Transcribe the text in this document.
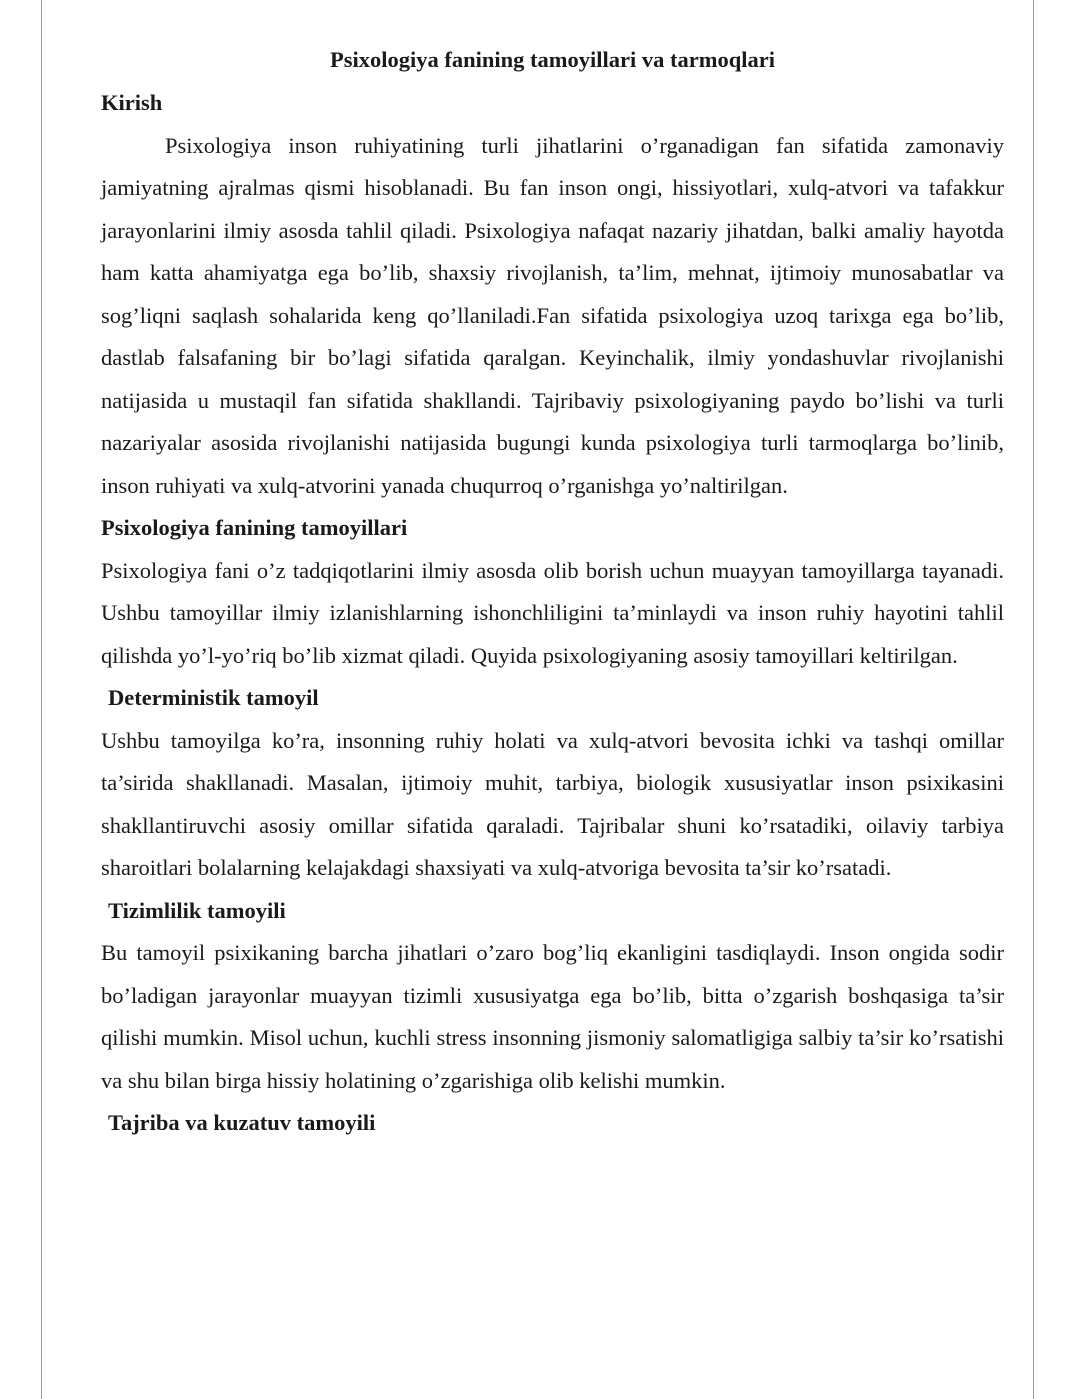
Psixologiya fanining tamoyillari va tarmoqlari
Kirish

Psixologiya inson ruhiyatining turli jihatlarini o’rganadigan fan sifatida zamonaviy jamiyatning ajralmas qismi hisoblanadi. Bu fan inson ongi, hissiyotlari, xulq-atvori va tafakkur jarayonlarini ilmiy asosda tahlil qiladi. Psixologiya nafaqat nazariy jihatdan, balki amaliy hayotda ham katta ahamiyatga ega bo’lib, shaxsiy rivojlanish, ta’lim, mehnat, ijtimoiy munosabatlar va sog’liqni saqlash sohalarida keng qo’llaniladi.Fan sifatida psixologiya uzoq tarixga ega bo’lib, dastlab falsafaning bir bo’lagi sifatida qaralgan. Keyinchalik, ilmiy yondashuvlar rivojlanishi natijasida u mustaqil fan sifatida shakllandi. Tajribaviy psixologiyaning paydo bo’lishi va turli nazariyalar asosida rivojlanishi natijasida bugungi kunda psixologiya turli tarmoqlarga bo’linib, inson ruhiyati va xulq-atvorini yanada chuqurroq o’rganishga yo’naltirilgan.

Psixologiya fanining tamoyillari

Psixologiya fani o’z tadqiqotlarini ilmiy asosda olib borish uchun muayyan tamoyillarga tayanadi. Ushbu tamoyillar ilmiy izlanishlarning ishonchliligini ta’minlaydi va inson ruhiy hayotini tahlil qilishda yo’l-yo’riq bo’lib xizmat qiladi. Quyida psixologiyaning asosiy tamoyillari keltirilgan.

Deterministik tamoyil

Ushbu tamoyilga ko’ra, insonning ruhiy holati va xulq-atvori bevosita ichki va tashqi omillar ta’sirida shakllanadi. Masalan, ijtimoiy muhit, tarbiya, biologik xususiyatlar inson psixikasini shakllantiruvchi asosiy omillar sifatida qaraladi. Tajribalar shuni ko’rsatadiki, oilaviy tarbiya sharoitlari bolalarning kelajakdagi shaxsiyati va xulq-atvoriga bevosita ta’sir ko’rsatadi.

Tizimlilik tamoyili

Bu tamoyil psixikaning barcha jihatlari o’zaro bog’liq ekanligini tasdiqlaydi. Inson ongida sodir bo’ladigan jarayonlar muayyan tizimli xususiyatga ega bo’lib, bitta o’zgarish boshqasiga ta’sir qilishi mumkin. Misol uchun, kuchli stress insonning jismoniy salomatligiga salbiy ta’sir ko’rsatishi va shu bilan birga hissiy holatining o’zgarishiga olib kelishi mumkin.

Tajriba va kuzatuv tamoyili
